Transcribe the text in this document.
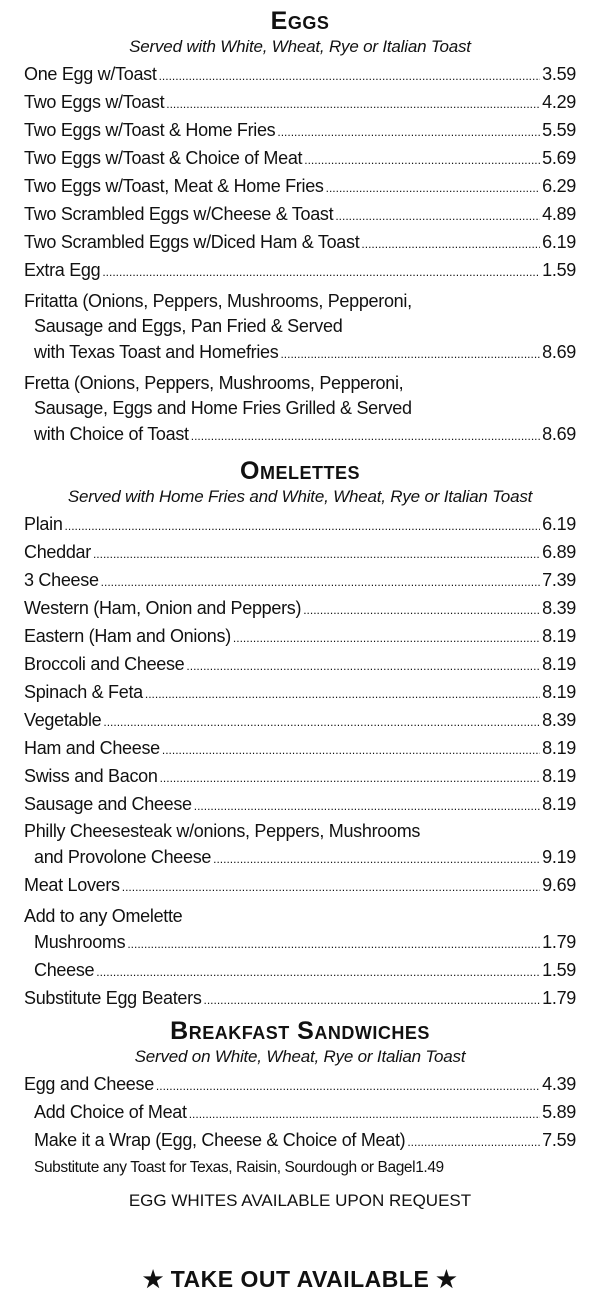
Eggs
Served with White, Wheat, Rye or Italian Toast
One Egg w/Toast .....	3.59
Two Eggs w/Toast .....	4.29
Two Eggs w/Toast & Home Fries .....	5.59
Two Eggs w/Toast & Choice of Meat .....	5.69
Two Eggs w/Toast, Meat & Home Fries .....	6.29
Two Scrambled Eggs w/Cheese & Toast .....	4.89
Two Scrambled Eggs w/Diced Ham & Toast .....	6.19
Extra Egg .....	1.59
Fritatta (Onions, Peppers, Mushrooms, Pepperoni,
Sausage and Eggs, Pan Fried & Served
with Texas Toast and Homefries .....	8.69
Fretta (Onions, Peppers, Mushrooms, Pepperoni,
Sausage, Eggs and Home Fries Grilled & Served
with Choice of Toast .....	8.69
Omelettes
Served with Home Fries and White, Wheat, Rye or Italian Toast
Plain .....	6.19
Cheddar .....	6.89
3 Cheese .....	7.39
Western (Ham, Onion and Peppers) .....	8.39
Eastern (Ham and Onions) .....	8.19
Broccoli and Cheese .....	8.19
Spinach & Feta .....	8.19
Vegetable .....	8.39
Ham and Cheese .....	8.19
Swiss and Bacon .....	8.19
Sausage and Cheese .....	8.19
Philly Cheesesteak w/onions, Peppers, Mushrooms
and Provolone Cheese .....	9.19
Meat Lovers .....	9.69
Add to any Omelette
Mushrooms .....	1.79
Cheese .....	1.59
Substitute Egg Beaters .....	1.79
Breakfast Sandwiches
Served on White, Wheat, Rye or Italian Toast
Egg and Cheese .....	4.39
Add Choice of Meat .....	5.89
Make it a Wrap (Egg, Cheese & Choice of Meat) .....	7.59
Substitute any Toast for Texas, Raisin, Sourdough or Bagel 1.49
EGG WHITES AVAILABLE UPON REQUEST
★ TAKE OUT AVAILABLE ★
